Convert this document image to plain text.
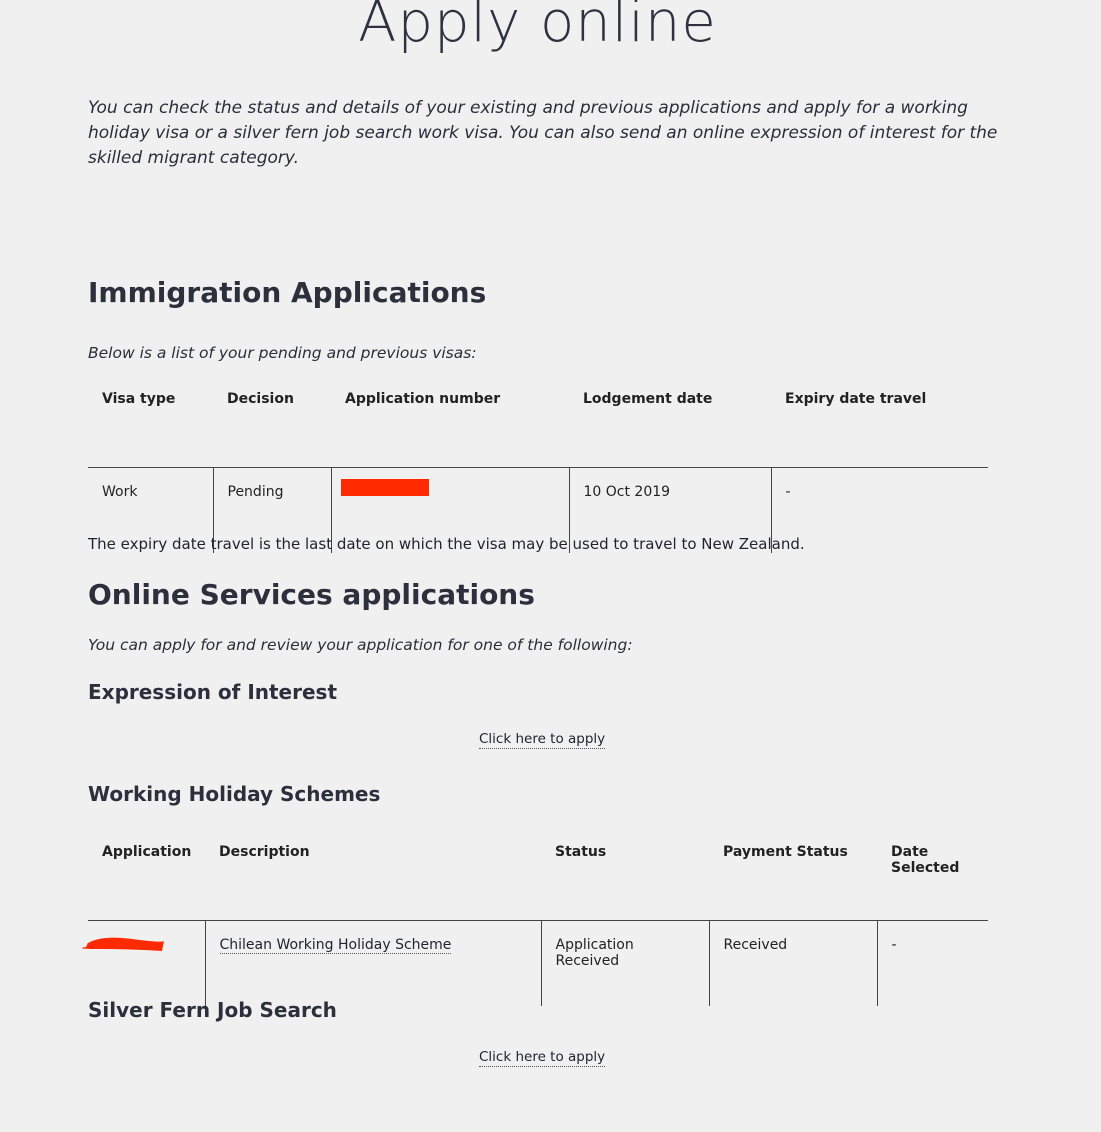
Apply online

You can check the status and details of your existing and previous applications and apply for a working holiday visa or a silver fern job search work visa. You can also send an online expression of interest for the skilled migrant category.

Immigration Applications

Below is a list of your pending and previous visas:

Visa type	Decision	Application number	Lodgement date	Expiry date travel
Work	Pending		10 Oct 2019	-

The expiry date travel is the last date on which the visa may be used to travel to New Zealand.

Online Services applications

You can apply for and review your application for one of the following:

Expression of Interest
Click here to apply
Working Holiday Schemes
Application	Description	Status	Payment Status	Date Selected

	Chilean Working Holiday Scheme	Application Received	Received	-
Silver Fern Job Search
Click here to apply
